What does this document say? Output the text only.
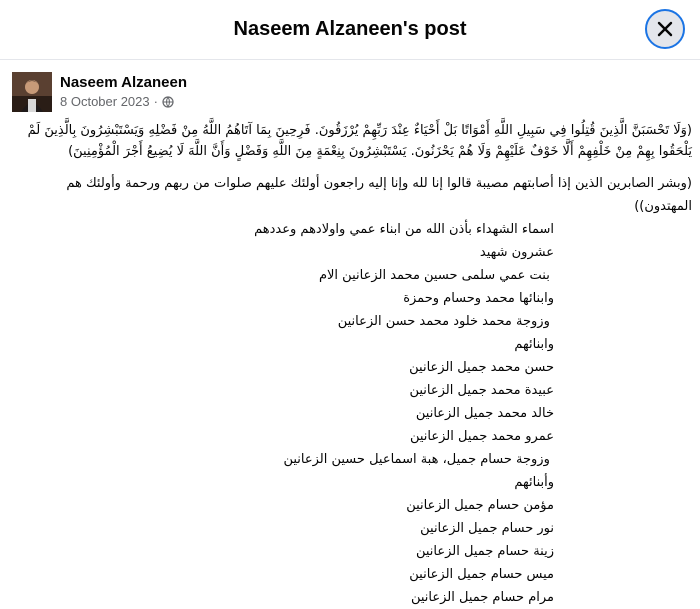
Naseem Alzaneen's post
Naseem Alzaneen
8 October 2023 ·
(وَلَا تَحْسَبَنَّ الَّذِينَ قُتِلُوا فِي سَبِيلِ اللَّهِ أَمْوَاتًا بَلْ أَحْيَاءٌ عِنْدَ رَبِّهِمْ يُرْزَقُونَ. فَرِحِينَ بِمَا آتَاهُمُ اللَّهُ مِنْ فَضْلِهِ وَيَسْتَبْشِرُونَ بِالَّذِينَ لَمْ يَلْحَقُوا بِهِمْ مِنْ خَلْفِهِمْ أَلَّا خَوْفٌ عَلَيْهِمْ وَلَا هُمْ يَحْزَنُونَ. يَسْتَبْشِرُونَ بِنِعْمَةٍ مِنَ اللَّهِ وَفَضْلٍ وَأَنَّ اللَّهَ لَا يُضِيعُ أَجْرَ الْمُؤْمِنِينَ)
(وبشر الصابرين الذين إذا أصابتهم مصيبة قالوا إنا لله وإنا إليه راجعون أولئك عليهم صلوات من ربهم ورحمة وأولئك هم المهتدون))
اسماء الشهداء بأذن الله من ابناء عمي واولادهم وعددهم
عشرون شهيد
بنت عمي سلمى حسين محمد الزعانين الام
وابنائها محمد وحسام وحمزة
وزوجة محمد خلود محمد حسن الزعانين
وابنائهم
حسن محمد جميل الزعانين
عبيدة محمد جميل الزعانين
خالد محمد جميل الزعانين
عمرو محمد جميل الزعانين
وزوجة حسام جميل، هبة اسماعيل حسين الزعانين
وأبنائهم
مؤمن حسام جميل الزعانين
نور حسام جميل الزعانين
زينة حسام جميل الزعانين
ميس حسام جميل الزعانين
مرام حسام جميل الزعانين
